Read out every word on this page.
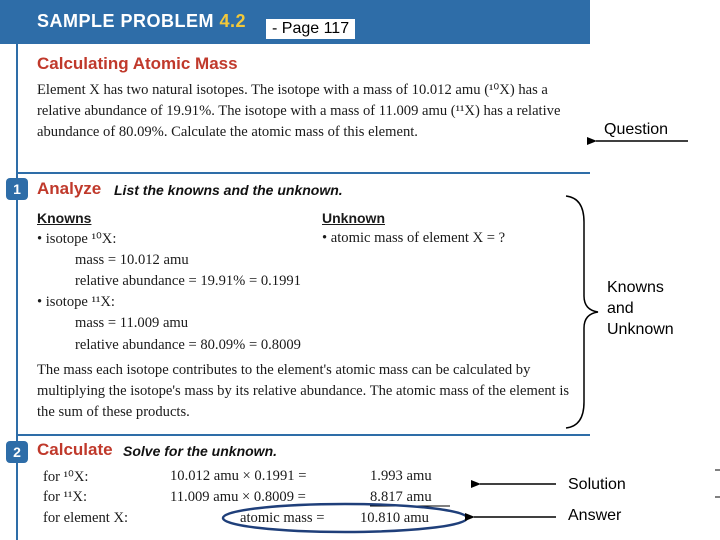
SAMPLE PROBLEM 4.2	- Page 117
Calculating Atomic Mass
Element X has two natural isotopes. The isotope with a mass of 10.012 amu (¹⁰X) has a relative abundance of 19.91%. The isotope with a mass of 11.009 amu (¹¹X) has a relative abundance of 80.09%. Calculate the atomic mass of this element.
1 Analyze List the knowns and the unknown.
Knowns	Unknown
• isotope ¹⁰X:
mass = 10.012 amu
relative abundance = 19.91% = 0.1991
• isotope ¹¹X:
mass = 11.009 amu
relative abundance = 80.09% = 0.8009
• atomic mass of element X = ?
The mass each isotope contributes to the element's atomic mass can be calculated by multiplying the isotope's mass by its relative abundance. The atomic mass of the element is the sum of these products.
2 Calculate Solve for the unknown.
for ¹⁰X:	10.012 amu × 0.1991 =	1.993 amu
for ¹¹X:	11.009 amu × 0.8009 =	8.817 amu
for element X:	atomic mass = 10.810 amu
Question
Knowns
and
Unknown
Solution
Answer
